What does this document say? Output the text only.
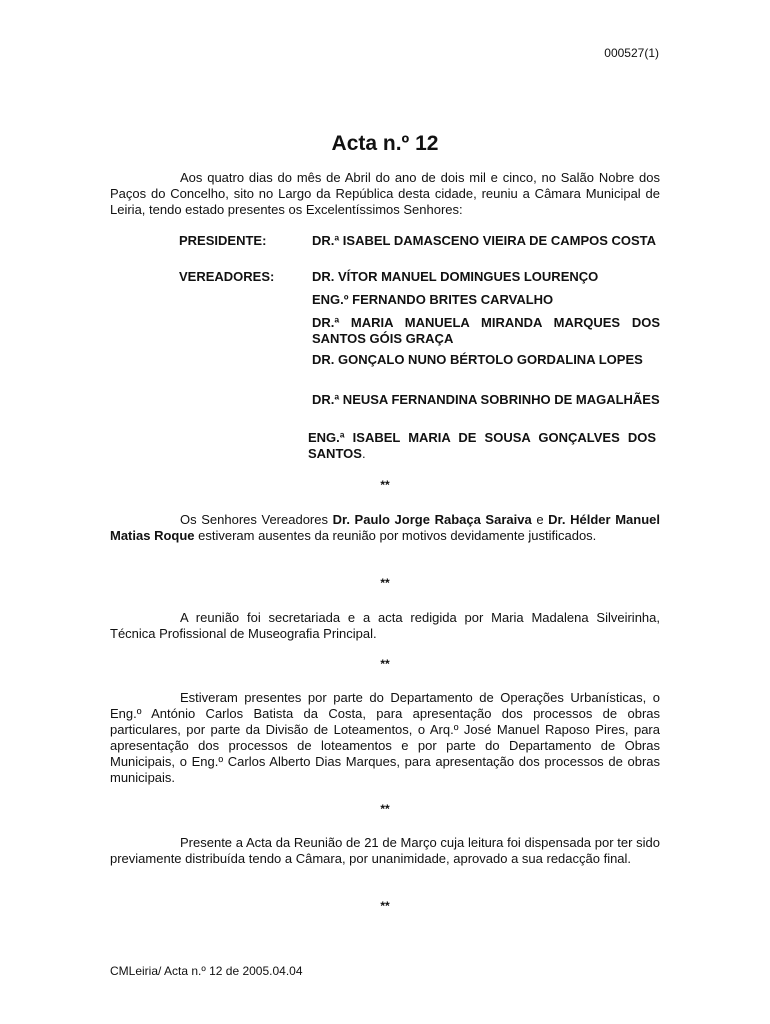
000527(1)
Acta n.º 12

Aos quatro dias do mês de Abril do ano de dois mil e cinco, no Salão Nobre dos Paços do Concelho, sito no Largo da República desta cidade, reuniu a Câmara Municipal de Leiria, tendo estado presentes os Excelentíssimos Senhores:

PRESIDENTE:	DR.ª ISABEL DAMASCENO VIEIRA DE CAMPOS COSTA
VEREADORES:	DR. VÍTOR MANUEL DOMINGUES LOURENÇO
ENG.º FERNANDO BRITES CARVALHO
DR.ª MARIA MANUELA MIRANDA MARQUES DOS SANTOS GÓIS GRAÇA
DR. GONÇALO NUNO BÉRTOLO GORDALINA LOPES
DR.ª NEUSA FERNANDINA SOBRINHO DE MAGALHÃES
ENG.ª ISABEL MARIA DE SOUSA GONÇALVES DOS SANTOS.
**

Os Senhores Vereadores Dr. Paulo Jorge Rabaça Saraiva e Dr. Hélder Manuel Matias Roque estiveram ausentes da reunião por motivos devidamente justificados.

**

A reunião foi secretariada e a acta redigida por Maria Madalena Silveirinha, Técnica Profissional de Museografia Principal.

**

Estiveram presentes por parte do Departamento de Operações Urbanísticas, o Eng.º António Carlos Batista da Costa, para apresentação dos processos de obras particulares, por parte da Divisão de Loteamentos, o Arq.º José Manuel Raposo Pires, para apresentação dos processos de loteamentos e por parte do Departamento de Obras Municipais, o Eng.º Carlos Alberto Dias Marques, para apresentação dos processos de obras municipais.

**

Presente a Acta da Reunião de 21 de Março cuja leitura foi dispensada por ter sido previamente distribuída tendo a Câmara, por unanimidade, aprovado a sua redacção final.

**
CMLeiria/ Acta n.º 12 de 2005.04.04
